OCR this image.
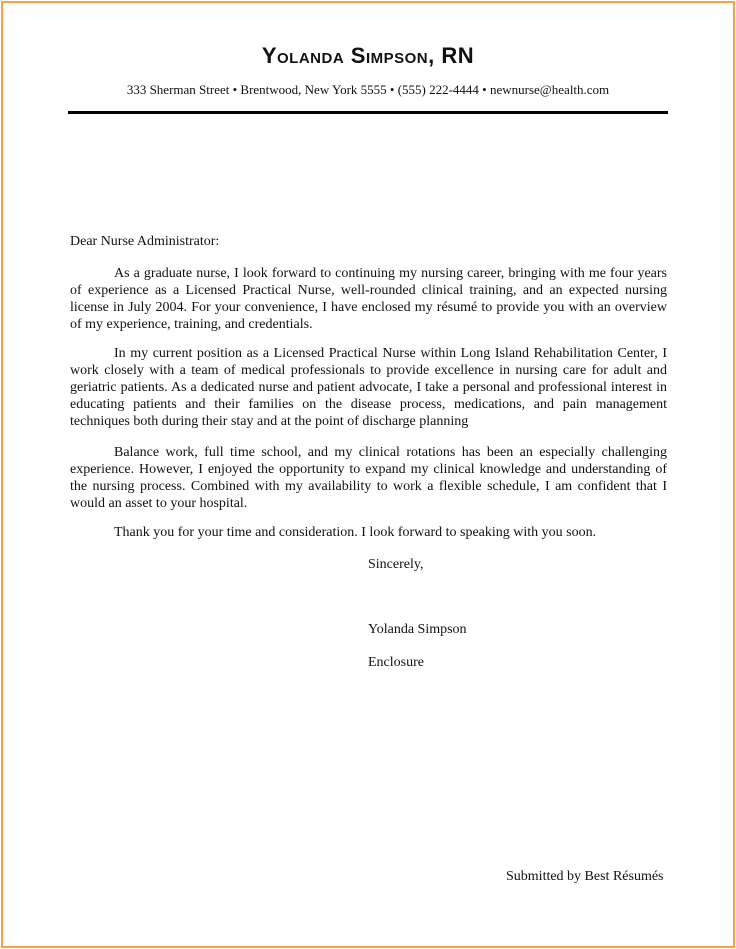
Yolanda Simpson, RN
333 Sherman Street • Brentwood, New York 5555 • (555) 222-4444 • newnurse@health.com
Dear Nurse Administrator:
As a graduate nurse, I look forward to continuing my nursing career, bringing with me four years of experience as a Licensed Practical Nurse, well-rounded clinical training, and an expected nursing license in July 2004. For your convenience, I have enclosed my résumé to provide you with an overview of my experience, training, and credentials.
In my current position as a Licensed Practical Nurse within Long Island Rehabilitation Center, I work closely with a team of medical professionals to provide excellence in nursing care for adult and geriatric patients. As a dedicated nurse and patient advocate, I take a personal and professional interest in educating patients and their families on the disease process, medications, and pain management techniques both during their stay and at the point of discharge planning
Balance work, full time school, and my clinical rotations has been an especially challenging experience. However, I enjoyed the opportunity to expand my clinical knowledge and understanding of the nursing process. Combined with my availability to work a flexible schedule, I am confident that I would an asset to your hospital.
Thank you for your time and consideration. I look forward to speaking with you soon.
Sincerely,
Yolanda Simpson
Enclosure
Submitted by Best Résumés
